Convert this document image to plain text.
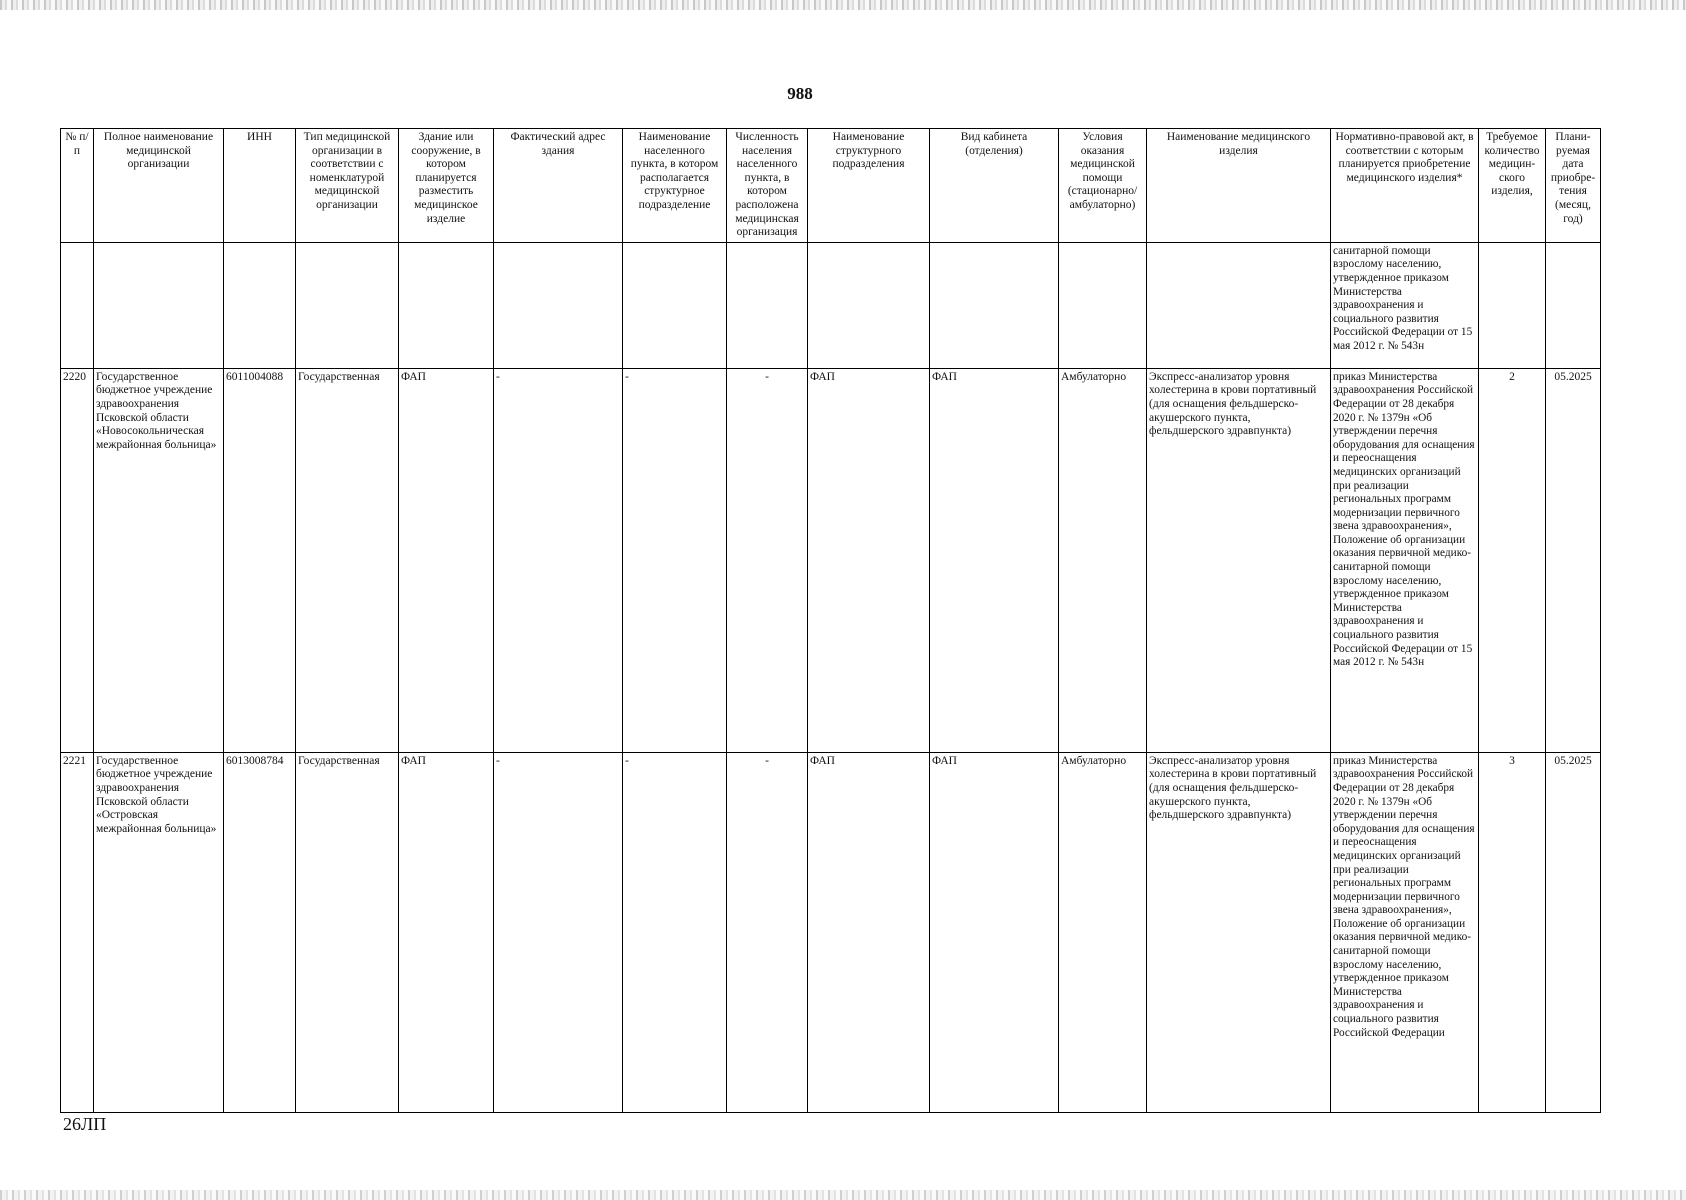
988
№ п/п	Полное наименование медицинской организации	ИНН	Тип медицинской организации в соответствии с номенклатурой медицинской организации	Здание или сооружение, в котором планируется разместить медицинское изделие	Фактический адрес здания	Наименование населенного пункта, в котором располагается структурное подразделение	Численность населения населенного пункта, в котором расположена медицинская организация	Наименование структурного подразделения	Вид кабинета (отделения)	Условия оказания медицинской помощи (стационарно/ амбулаторно)	Наименование медицинского изделия	Нормативно-правовой акт, в соответствии с которым планируется приобретение медицинского изделия*	Требуемое количество медицин-ского изделия,	Плани-руемая дата приобре-тения (месяц, год)
												санитарной помощи взрослому населению, утвержденное приказом Министерства здравоохранения и социального развития Российской Федерации от 15 мая 2012 г. № 543н		
2220	Государственное бюджетное учреждение здравоохранения Псковской области «Новосокольническая межрайонная больница»	6011004088	Государственная	ФАП	-	-	-	ФАП	ФАП	Амбулаторно	Экспресс-анализатор уровня холестерина в крови портативный (для оснащения фельдшерско-акушерского пункта, фельдшерского здравпункта)	приказ Министерства здравоохранения Российской Федерации от 28 декабря 2020 г. № 1379н «Об утверждении перечня оборудования для оснащения и переоснащения медицинских организаций при реализации региональных программ модернизации первичного звена здравоохранения», Положение об организации оказания первичной медико-санитарной помощи взрослому населению, утвержденное приказом Министерства здравоохранения и социального развития Российской Федерации от 15 мая 2012 г. № 543н	2	05.2025
2221	Государственное бюджетное учреждение здравоохранения Псковской области «Островская межрайонная больница»	6013008784	Государственная	ФАП	-	-	-	ФАП	ФАП	Амбулаторно	Экспресс-анализатор уровня холестерина в крови портативный (для оснащения фельдшерско-акушерского пункта, фельдшерского здравпункта)	приказ Министерства здравоохранения Российской Федерации от 28 декабря 2020 г. № 1379н «Об утверждении перечня оборудования для оснащения и переоснащения медицинских организаций при реализации региональных программ модернизации первичного звена здравоохранения», Положение об организации оказания первичной медико-санитарной помощи взрослому населению, утвержденное приказом Министерства здравоохранения и социального развития Российской Федерации	3	05.2025
26ЛП
